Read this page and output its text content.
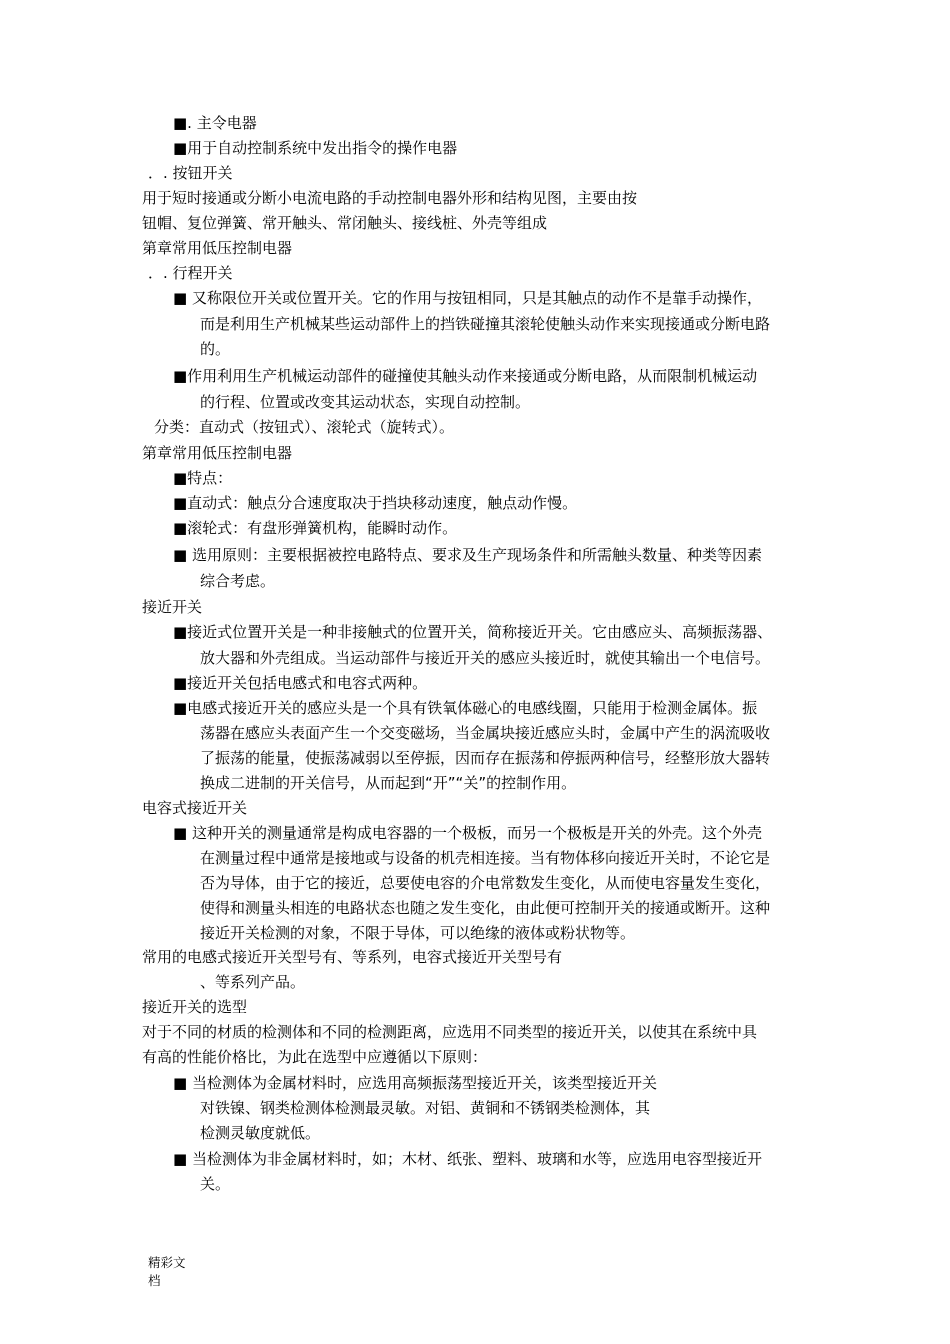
■. 主令电器
■用于自动控制系统中发出指令的操作电器
．. 按钮开关
用于短时接通或分断小电流电路的手动控制电器外形和结构见图，主要由按
钮帽、复位弹簧、常开触头、常闭触头、接线桩、外壳等组成
第章常用低压控制电器
．. 行程开关
■ 又称限位开关或位置开关。它的作用与按钮相同，只是其触点的动作不是靠手动操作，
而是利用生产机械某些运动部件上的挡铁碰撞其滚轮使触头动作来实现接通或分断电路
的。
■作用利用生产机械运动部件的碰撞使其触头动作来接通或分断电路，从而限制机械运动
的行程、位置或改变其运动状态，实现自动控制。
分类：直动式（按钮式）、滚轮式（旋转式）。
第章常用低压控制电器
■特点：
■直动式：触点分合速度取决于挡块移动速度，触点动作慢。
■滚轮式：有盘形弹簧机构，能瞬时动作。
■ 选用原则：主要根据被控电路特点、要求及生产现场条件和所需触头数量、种类等因素
综合考虑。
接近开关
■接近式位置开关是一种非接触式的位置开关，简称接近开关。它由感应头、高频振荡器、
放大器和外壳组成。当运动部件与接近开关的感应头接近时，就使其输出一个电信号。
■接近开关包括电感式和电容式两种。
■电感式接近开关的感应头是一个具有铁氧体磁心的电感线圈，只能用于检测金属体。振
荡器在感应头表面产生一个交变磁场，当金属块接近感应头时，金属中产生的涡流吸收
了振荡的能量，使振荡减弱以至停振，因而存在振荡和停振两种信号，经整形放大器转
换成二进制的开关信号，从而起到“开”“关”的控制作用。
电容式接近开关
■ 这种开关的测量通常是构成电容器的一个极板，而另一个极板是开关的外壳。这个外壳
在测量过程中通常是接地或与设备的机壳相连接。当有物体移向接近开关时，不论它是
否为导体，由于它的接近，总要使电容的介电常数发生变化，从而使电容量发生变化，
使得和测量头相连的电路状态也随之发生变化，由此便可控制开关的接通或断开。这种
接近开关检测的对象，不限于导体，可以绝缘的液体或粉状物等。
常用的电感式接近开关型号有、等系列，电容式接近开关型号有
、等系列产品。
接近开关的选型
对于不同的材质的检测体和不同的检测距离，应选用不同类型的接近开关，以使其在系统中具
有高的性能价格比，为此在选型中应遵循以下原则：
■ 当检测体为金属材料时，应选用高频振荡型接近开关，该类型接近开关
对铁镍、钢类检测体检测最灵敏。对铝、黄铜和不锈钢类检测体，其
检测灵敏度就低。
■ 当检测体为非金属材料时，如；木材、纸张、塑料、玻璃和水等，应选用电容型接近开
关。
精彩文
档
